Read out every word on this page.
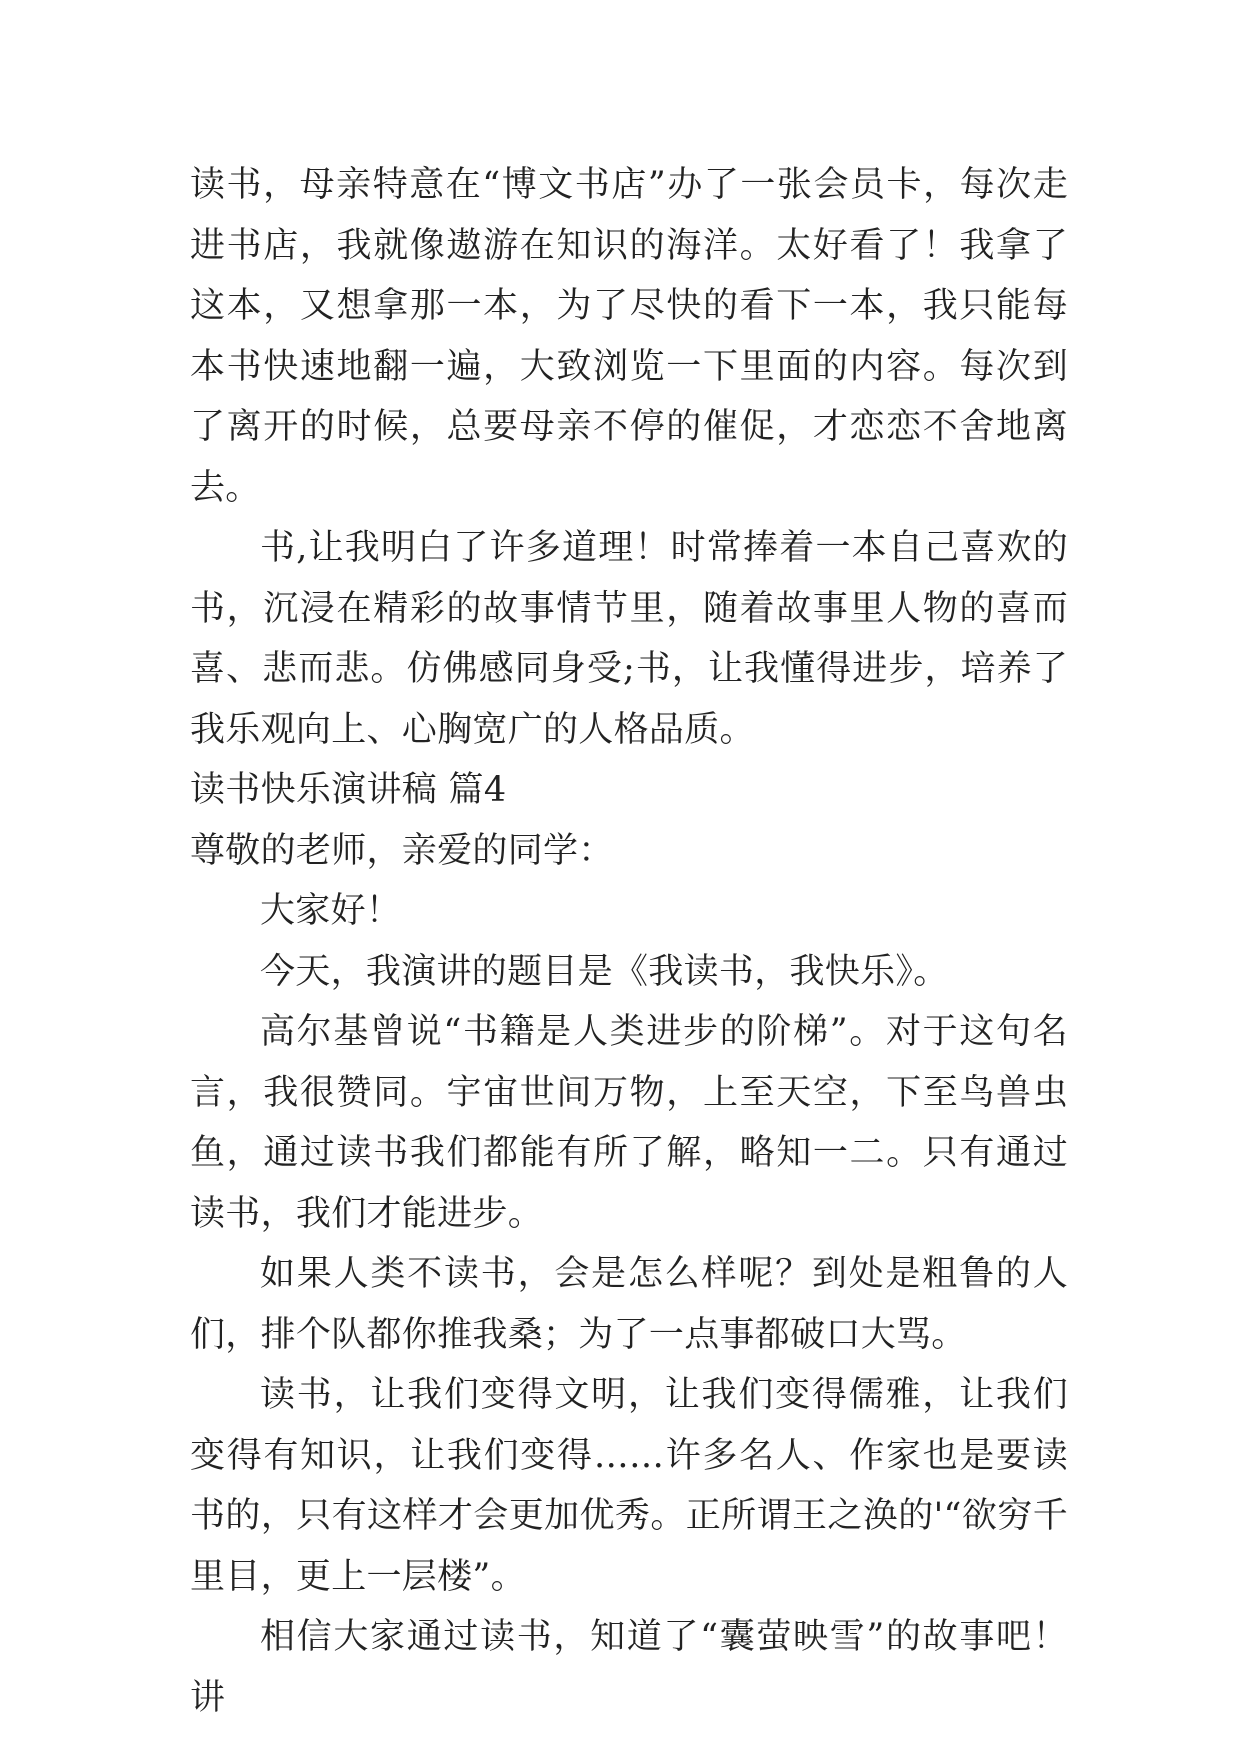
读书，母亲特意在“博文书店”办了一张会员卡，每次走进书店，我就像遨游在知识的海洋。太好看了！我拿了这本，又想拿那一本，为了尽快的看下一本，我只能每本书快速地翻一遍，大致浏览一下里面的内容。每次到了离开的时候，总要母亲不停的催促，才恋恋不舍地离去。

书,让我明白了许多道理！时常捧着一本自己喜欢的书，沉浸在精彩的故事情节里，随着故事里人物的喜而喜、悲而悲。仿佛感同身受;书，让我懂得进步，培养了我乐观向上、心胸宽广的人格品质。

读书快乐演讲稿 篇4

尊敬的老师，亲爱的同学：

大家好！

今天，我演讲的题目是《我读书，我快乐》。

高尔基曾说“书籍是人类进步的阶梯”。对于这句名言，我很赞同。宇宙世间万物，上至天空，下至鸟兽虫鱼，通过读书我们都能有所了解，略知一二。只有通过读书，我们才能进步。

如果人类不读书，会是怎么样呢？到处是粗鲁的人们，排个队都你推我桑；为了一点事都破口大骂。

读书，让我们变得文明，让我们变得儒雅，让我们变得有知识，让我们变得……许多名人、作家也是要读书的，只有这样才会更加优秀。正所谓王之涣的'“欲穷千里目，更上一层楼”。

相信大家通过读书，知道了“囊萤映雪”的故事吧！讲
